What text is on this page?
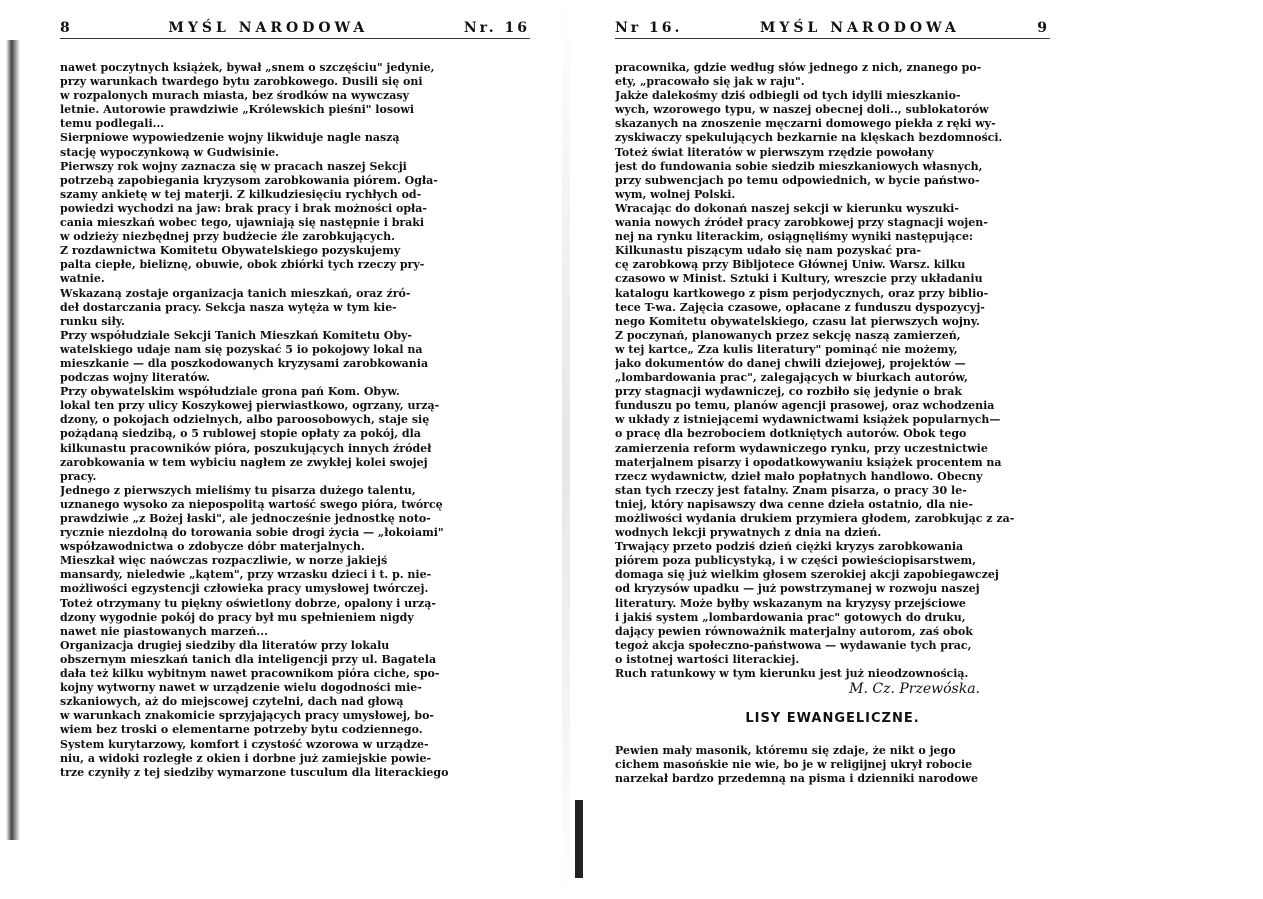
8	MYŚL NARODOWA	Nr. 16
nawet poczytnych książek, bywał „snem o szczęściu" jedynie,
przy warunkach twardego bytu zarobkowego. Dusili się oni
w rozpalonych murach miasta, bez środków na wywczasy
letnie. Autorowie prawdziwie „Królewskich pieśni" losowi
temu podlegali...
Sierpniowe wypowiedzenie wojny likwiduje nagle naszą
stację wypoczynkową w Gudwisinie.
Pierwszy rok wojny zaznacza się w pracach naszej Sekcji
potrzebą zapobiegania kryzysom zarobkowania piórem. Ogła-
szamy ankietę w tej materji. Z kilkudziesięciu rychłych od-
powiedzi wychodzi na jaw: brak pracy i brak możności opła-
cania mieszkań wobec tego, ujawniają się następnie i braki
w odzieży niezbędnej przy budżecie źle zarobkujących.
Z rozdawnictwa Komitetu Obywatelskiego pozyskujemy
palta ciepłe, bieliznę, obuwie, obok zbiórki tych rzeczy pry-
watnie.
Wskazaną zostaje organizacja tanich mieszkań, oraz źró-
deł dostarczania pracy. Sekcja nasza wytęża w tym kie-
runku siły.
Przy współudziale Sekcji Tanich Mieszkań Komitetu Oby-
watelskiego udaje nam się pozyskać 5 io pokojowy lokal na
mieszkanie — dla poszkodowanych kryzysami zarobkowania
podczas wojny literatów.
Przy obywatelskim współudziale grona pań Kom. Obyw.
lokal ten przy ulicy Koszykowej pierwiastkowo, ogrzany, urzą-
dzony, o pokojach odzielnych, albo paroosobowych, staje się
pożądaną siedzibą, o 5 rublowej stopie opłaty za pokój, dla
kilkunastu pracowników pióra, poszukujących innych źródeł
zarobkowania w tem wybiciu nagłem ze zwykłej kolei swojej
pracy.
Jednego z pierwszych mieliśmy tu pisarza dużego talentu,
uznanego wysoko za niepospolitą wartość swego pióra, twórcę
prawdziwie „z Bożej łaski", ale jednocześnie jednostkę noto-
rycznie niezdolną do torowania sobie drogi życia — „łokoiami"
współzawodnictwa o zdobycze dóbr materjalnych.
Mieszkał więc naówczas rozpaczliwie, w norze jakiejś
mansardy, nieledwie „kątem", przy wrzasku dzieci i t. p. nie-
możliwości egzystencji człowieka pracy umysłowej twórczej.
Toteż otrzymany tu piękny oświetlony dobrze, opalony i urzą-
dzony wygodnie pokój do pracy był mu spełnieniem nigdy
nawet nie piastowanych marzeń...
Organizacja drugiej siedziby dla literatów przy lokalu
obszernym mieszkań tanich dla inteligencji przy ul. Bagatela
dała też kilku wybitnym nawet pracownikom pióra ciche, spo-
kojny wytworny nawet w urządzenie wielu dogodności mie-
szkaniowych, aż do miejscowej czytelni, dach nad głową
w warunkach znakomicie sprzyjających pracy umysłowej, bo-
wiem bez troski o elementarne potrzeby bytu codziennego.
System kurytarzowy, komfort i czystość wzorowa w urządze-
niu, a widoki rozległe z okien i dorbne już zamiejskie powie-
trze czyniły z tej siedziby wymarzone tusculum dla literackiego
Nr 16.	MYŚL NARODOWA	9
pracownika, gdzie według słów jednego z nich, znanego po-
ety, „pracowało się jak w raju".
Jakże dalekośmy dziś odbiegli od tych idylli mieszkanio-
wych, wzorowego typu, w naszej obecnej doli.., sublokatorów
skazanych na znoszenie męczarni domowego piekła z ręki wy-
zyskiwaczy spekulujących bezkarnie na klęskach bezdomności.
Toteż świat literatów w pierwszym rzędzie powołany
jest do fundowania sobie siedzib mieszkaniowych własnych,
przy subwencjach po temu odpowiednich, w bycie państwo-
wym, wolnej Polski.
Wracając do dokonań naszej sekcji w kierunku wyszuki-
wania nowych źródeł pracy zarobkowej przy stagnacji wojen-
nej na rynku literackim, osiągnęliśmy wyniki następujące:
Kilkunastu piszącym udało się nam pozyskać pra-
cę zarobkową przy Bibljotece Głównej Uniw. Warsz. kilku
czasowo w Minist. Sztuki i Kultury, wreszcie przy układaniu
katalogu kartkowego z pism perjodycznych, oraz przy biblio-
tece T-wa. Zajęcia czasowe, opłacane z funduszu dyspozycyj-
nego Komitetu obywatelskiego, czasu lat pierwszych wojny.
Z poczynań, planowanych przez sekcję naszą zamierzeń,
w tej kartce„ Zza kulis literatury" pominąć nie możemy,
jako dokumentów do danej chwili dziejowej, projektów —
„lombardowania prac", zalegających w biurkach autorów,
przy stagnacji wydawniczej, co rozbiło się jedynie o brak
funduszu po temu, planów agencji prasowej, oraz wchodzenia
w układy z istniejącemi wydawnictwami książek popularnych—
o pracę dla bezrobociem dotkniętych autorów. Obok tego
zamierzenia reform wydawniczego rynku, przy uczestnictwie
materjalnem pisarzy i opodatkowywaniu książek procentem na
rzecz wydawnictw, dzieł mało popłatnych handlowo. Obecny
stan tych rzeczy jest fatalny. Znam pisarza, o pracy 30 le-
tniej, który napisawszy dwa cenne dzieła ostatnio, dla nie-
możliwości wydania drukiem przymiera głodem, zarobkując z za-
wodnych lekcji prywatnych z dnia na dzień.
Trwający przeto podziś dzień ciężki kryzys zarobkowania
piórem poza publicystyką, i w części powieściopisarstwem,
domaga się już wielkim głosem szerokiej akcji zapobiegawczej
od kryzysów upadku — już powstrzymanej w rozwoju naszej
literatury. Może byłby wskazanym na kryzysy przejściowe
i jakiś system „lombardowania prac" gotowych do druku,
dający pewien równoważnik materjalny autorom, zaś obok
tegoż akcja społeczno-państwowa — wydawanie tych prac,
o istotnej wartości literackiej.
Ruch ratunkowy w tym kierunku jest już nieodzownością.
M. Cz. Przewóska.
LISY EWANGELICZNE.
Pewien mały masonik, któremu się zdaje, że nikt o jego
cichem masońskie nie wie, bo je w religijnej ukrył robocie
narzekał bardzo przedemną na pisma i dzienniki narodowe
